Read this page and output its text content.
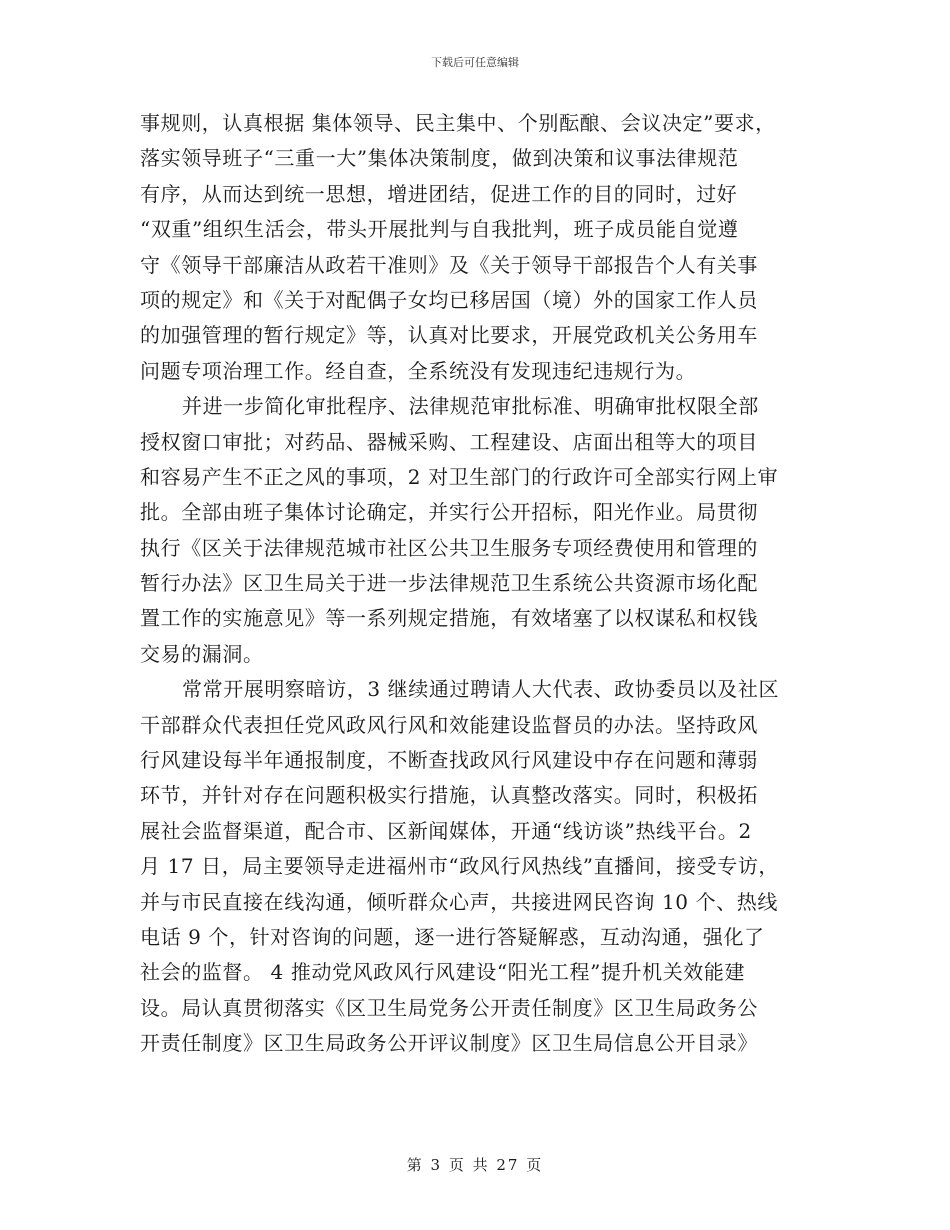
下载后可任意编辑
事规则，认真根据 集体领导、民主集中、个别酝酿、会议决定”要求，
落实领导班子“三重一大”集体决策制度，做到决策和议事法律规范
有序，从而达到统一思想，增进团结，促进工作的目的同时，过好
“双重”组织生活会，带头开展批判与自我批判，班子成员能自觉遵
守《领导干部廉洁从政若干准则》及《关于领导干部报告个人有关事
项的规定》和《关于对配偶子女均已移居国（境）外的国家工作人员
的加强管理的暂行规定》等，认真对比要求，开展党政机关公务用车
问题专项治理工作。经自查，全系统没有发现违纪违规行为。
并进一步简化审批程序、法律规范审批标准、明确审批权限全部
授权窗口审批；对药品、器械采购、工程建设、店面出租等大的项目
和容易产生不正之风的事项，2 对卫生部门的行政许可全部实行网上审
批。全部由班子集体讨论确定，并实行公开招标，阳光作业。局贯彻
执行《区关于法律规范城市社区公共卫生服务专项经费使用和管理的
暂行办法》区卫生局关于进一步法律规范卫生系统公共资源市场化配
置工作的实施意见》等一系列规定措施，有效堵塞了以权谋私和权钱
交易的漏洞。
常常开展明察暗访，3 继续通过聘请人大代表、政协委员以及社区
干部群众代表担任党风政风行风和效能建设监督员的办法。坚持政风
行风建设每半年通报制度，不断查找政风行风建设中存在问题和薄弱
环节，并针对存在问题积极实行措施，认真整改落实。同时，积极拓
展社会监督渠道，配合市、区新闻媒体，开通“线访谈”热线平台。2
月 17 日，局主要领导走进福州市“政风行风热线”直播间，接受专访，
并与市民直接在线沟通，倾听群众心声，共接进网民咨询 10 个、热线
电话 9 个，针对咨询的问题，逐一进行答疑解惑，互动沟通，强化了
社会的监督。 4 推动党风政风行风建设“阳光工程”提升机关效能建
设。局认真贯彻落实《区卫生局党务公开责任制度》区卫生局政务公
开责任制度》区卫生局政务公开评议制度》区卫生局信息公开目录》
第 3 页 共 27 页
